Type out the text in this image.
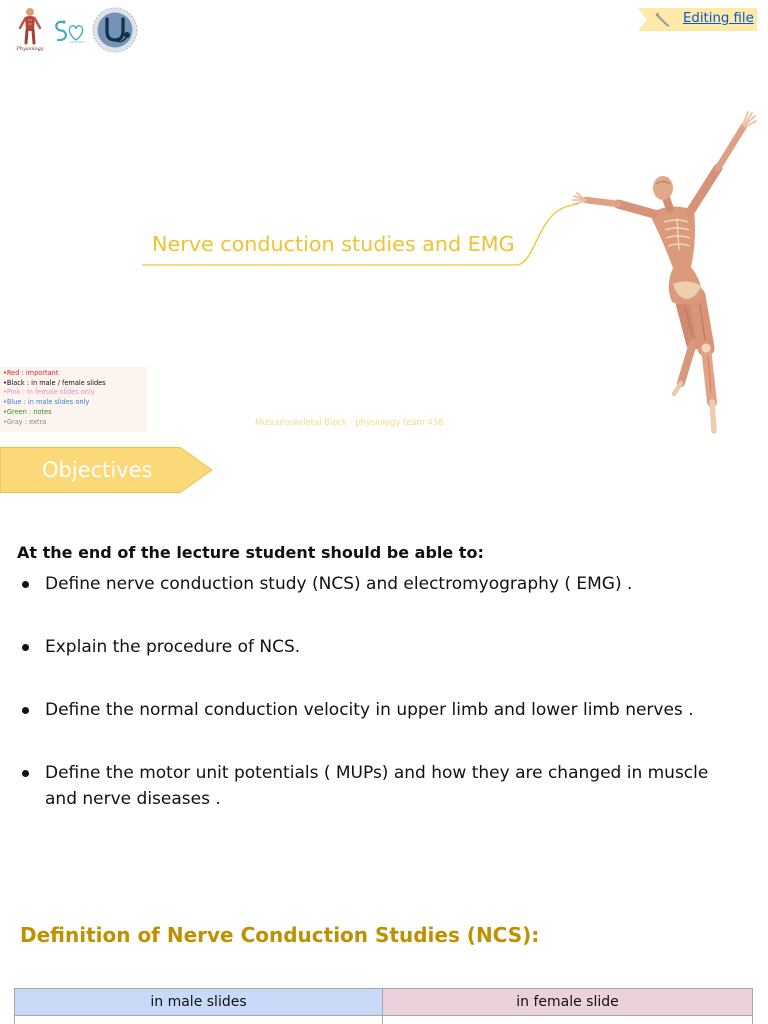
Physiology
Editing file
Nerve conduction studies and EMG
•Red : important
•Black : in male / female slides
•Pink : in female slides only
•Blue : in male slides only
•Green : notes
•Gray : extra	Musculoskeletal Block - physiology team 438
Objectives
At the end of the lecture student should be able to:
Define nerve conduction study (NCS) and electromyography ( EMG) .
Explain the procedure of NCS.
Define the normal conduction velocity in upper limb and lower limb nerves .
Define the motor unit potentials ( MUPs) and how they are changed in muscle and nerve diseases .
Definition of Nerve Conduction Studies (NCS):
in male slides	in female slide
